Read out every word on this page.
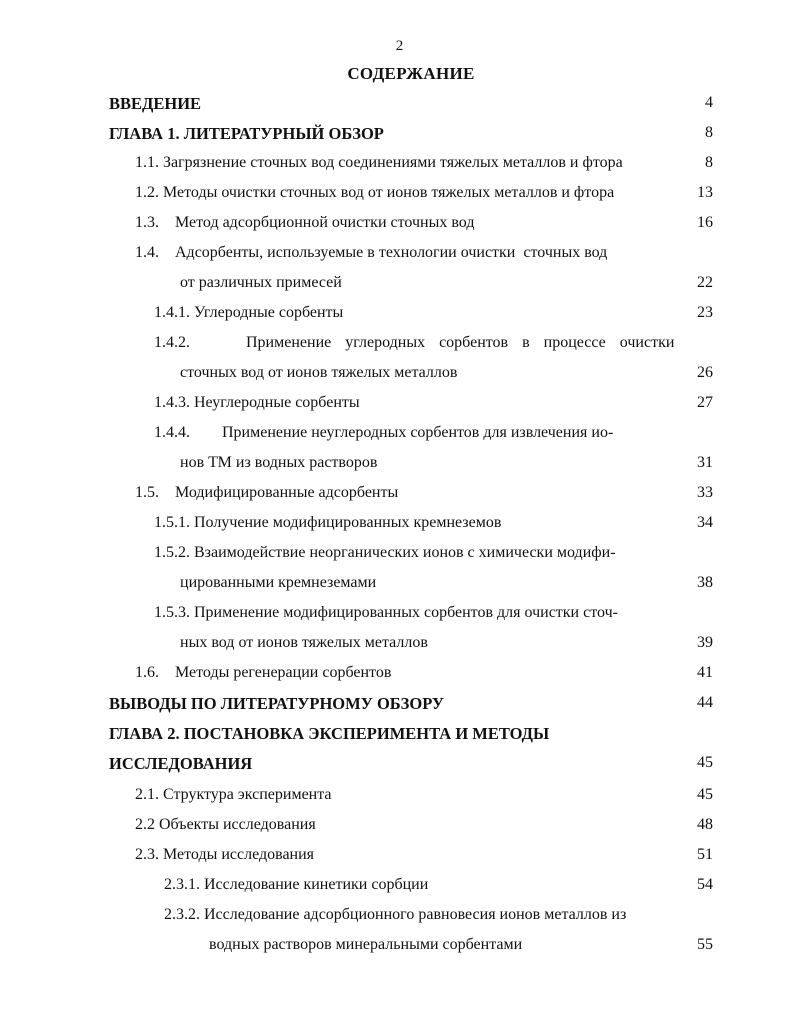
2
СОДЕРЖАНИЕ
ВВЕДЕНИЕ	4
ГЛАВА 1. ЛИТЕРАТУРНЫЙ ОБЗОР	8
1.1. Загрязнение сточных вод соединениями тяжелых металлов и фтора	8
1.2. Методы очистки сточных вод от ионов тяжелых металлов и фтора	13
1.3.    Метод адсорбционной очистки сточных вод	16
1.4.    Адсорбенты, используемые в технологии очистки  сточных вод
от различных примесей	22
1.4.1. Углеродные сорбенты	23
1.4.2.        Применение  углеродных  сорбентов  в  процессе  очистки
сточных вод от ионов тяжелых металлов	26
1.4.3. Неуглеродные сорбенты	27
1.4.4.        Применение неуглеродных сорбентов для извлечения ио-
нов ТМ из водных растворов	31
1.5.    Модифицированные адсорбенты	33
1.5.1. Получение модифицированных кремнеземов	34
1.5.2. Взаимодействие неорганических ионов с химически модифи-
цированными кремнеземами	38
1.5.3. Применение модифицированных сорбентов для очистки сточ-
ных вод от ионов тяжелых металлов	39
1.6.    Методы регенерации сорбентов	41
ВЫВОДЫ ПО ЛИТЕРАТУРНОМУ ОБЗОРУ	44
ГЛАВА 2. ПОСТАНОВКА ЭКСПЕРИМЕНТА И МЕТОДЫ
ИССЛЕДОВАНИЯ	45
2.1. Структура эксперимента	45
2.2 Объекты исследования	48
2.3. Методы исследования	51
2.3.1. Исследование кинетики сорбции	54
2.3.2. Исследование адсорбционного равновесия ионов металлов из
водных растворов минеральными сорбентами	55
